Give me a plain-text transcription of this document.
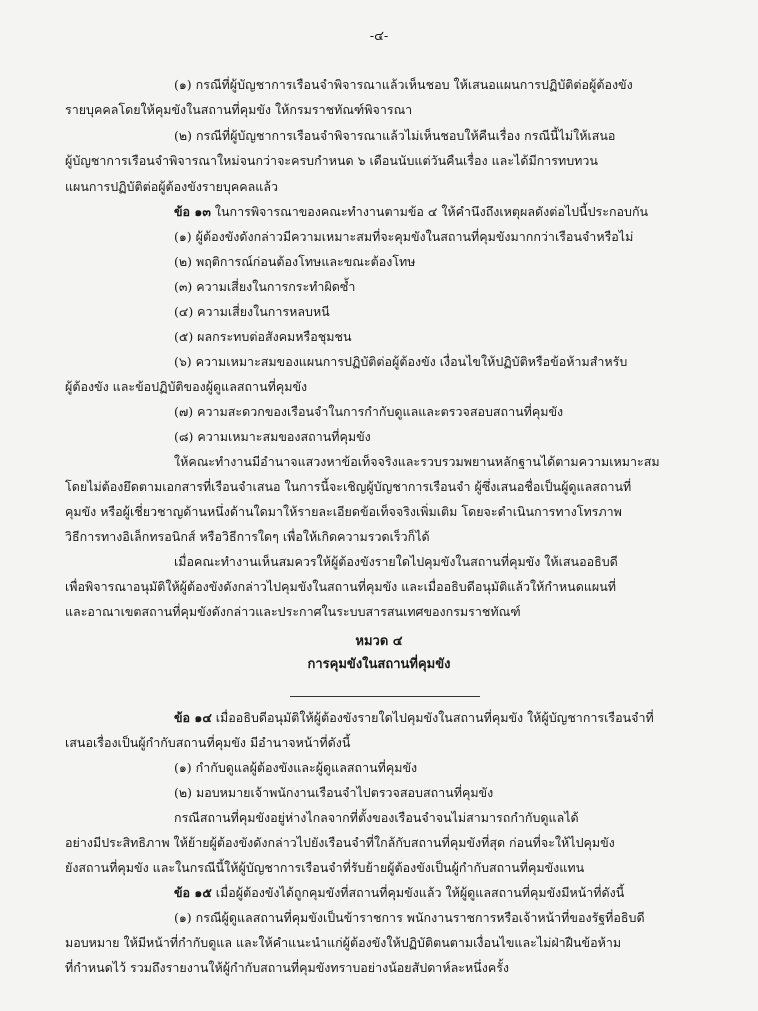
-๔-
(๑) กรณีที่ผู้บัญชาการเรือนจำพิจารณาแล้วเห็นชอบ ให้เสนอแผนการปฏิบัติต่อผู้ต้องขัง
รายบุคคลโดยให้คุมขังในสถานที่คุมขัง ให้กรมราชทัณฑ์พิจารณา
(๒) กรณีที่ผู้บัญชาการเรือนจำพิจารณาแล้วไม่เห็นชอบให้คืนเรื่อง กรณีนี้ไม่ให้เสนอ
ผู้บัญชาการเรือนจำพิจารณาใหม่จนกว่าจะครบกำหนด ๖ เดือนนับแต่วันคืนเรื่อง และได้มีการทบทวน
แผนการปฏิบัติต่อผู้ต้องขังรายบุคคลแล้ว
ข้อ ๑๓ ในการพิจารณาของคณะทำงานตามข้อ ๔ ให้คำนึงถึงเหตุผลดังต่อไปนี้ประกอบกัน
(๑) ผู้ต้องขังดังกล่าวมีความเหมาะสมที่จะคุมขังในสถานที่คุมขังมากกว่าเรือนจำหรือไม่
(๒) พฤติการณ์ก่อนต้องโทษและขณะต้องโทษ
(๓) ความเสี่ยงในการกระทำผิดซ้ำ
(๔) ความเสี่ยงในการหลบหนี
(๕) ผลกระทบต่อสังคมหรือชุมชน
(๖) ความเหมาะสมของแผนการปฏิบัติต่อผู้ต้องขัง เงื่อนไขให้ปฏิบัติหรือข้อห้ามสำหรับ
ผู้ต้องขัง และข้อปฏิบัติของผู้ดูแลสถานที่คุมขัง
(๗) ความสะดวกของเรือนจำในการกำกับดูแลและตรวจสอบสถานที่คุมขัง
(๘) ความเหมาะสมของสถานที่คุมขัง
ให้คณะทำงานมีอำนาจแสวงหาข้อเท็จจริงและรวบรวมพยานหลักฐานได้ตามความเหมาะสม
โดยไม่ต้องยึดตามเอกสารที่เรือนจำเสนอ ในการนี้จะเชิญผู้บัญชาการเรือนจำ ผู้ซึ่งเสนอชื่อเป็นผู้ดูแลสถานที่
คุมขัง หรือผู้เชี่ยวชาญด้านหนึ่งด้านใดมาให้รายละเอียดข้อเท็จจริงเพิ่มเติม โดยจะดำเนินการทางโทรภาพ
วิธีการทางอิเล็กทรอนิกส์ หรือวิธีการใดๆ เพื่อให้เกิดความรวดเร็วก็ได้
เมื่อคณะทำงานเห็นสมควรให้ผู้ต้องขังรายใดไปคุมขังในสถานที่คุมขัง ให้เสนออธิบดี
เพื่อพิจารณาอนุมัติให้ผู้ต้องขังดังกล่าวไปคุมขังในสถานที่คุมขัง และเมื่ออธิบดีอนุมัติแล้วให้กำหนดแผนที่
และอาณาเขตสถานที่คุมขังดังกล่าวและประกาศในระบบสารสนเทศของกรมราชทัณฑ์
หมวด ๔
การคุมขังในสถานที่คุมขัง
ข้อ ๑๔ เมื่ออธิบดีอนุมัติให้ผู้ต้องขังรายใดไปคุมขังในสถานที่คุมขัง ให้ผู้บัญชาการเรือนจำที่
เสนอเรื่องเป็นผู้กำกับสถานที่คุมขัง มีอำนาจหน้าที่ดังนี้
(๑) กำกับดูแลผู้ต้องขังและผู้ดูแลสถานที่คุมขัง
(๒) มอบหมายเจ้าพนักงานเรือนจำไปตรวจสอบสถานที่คุมขัง
กรณีสถานที่คุมขังอยู่ห่างไกลจากที่ตั้งของเรือนจำจนไม่สามารถกำกับดูแลได้
อย่างมีประสิทธิภาพ ให้ย้ายผู้ต้องขังดังกล่าวไปยังเรือนจำที่ใกล้กับสถานที่คุมขังที่สุด ก่อนที่จะให้ไปคุมขัง
ยังสถานที่คุมขัง และในกรณีนี้ให้ผู้บัญชาการเรือนจำที่รับย้ายผู้ต้องขังเป็นผู้กำกับสถานที่คุมขังแทน
ข้อ ๑๕ เมื่อผู้ต้องขังได้ถูกคุมขังที่สถานที่คุมขังแล้ว ให้ผู้ดูแลสถานที่คุมขังมีหน้าที่ดังนี้
(๑) กรณีผู้ดูแลสถานที่คุมขังเป็นข้าราชการ พนักงานราชการหรือเจ้าหน้าที่ของรัฐที่อธิบดี
มอบหมาย ให้มีหน้าที่กำกับดูแล และให้คำแนะนำแก่ผู้ต้องขังให้ปฏิบัติตนตามเงื่อนไขและไม่ฝ่าฝืนข้อห้าม
ที่กำหนดไว้ รวมถึงรายงานให้ผู้กำกับสถานที่คุมขังทราบอย่างน้อยสัปดาห์ละหนึ่งครั้ง
